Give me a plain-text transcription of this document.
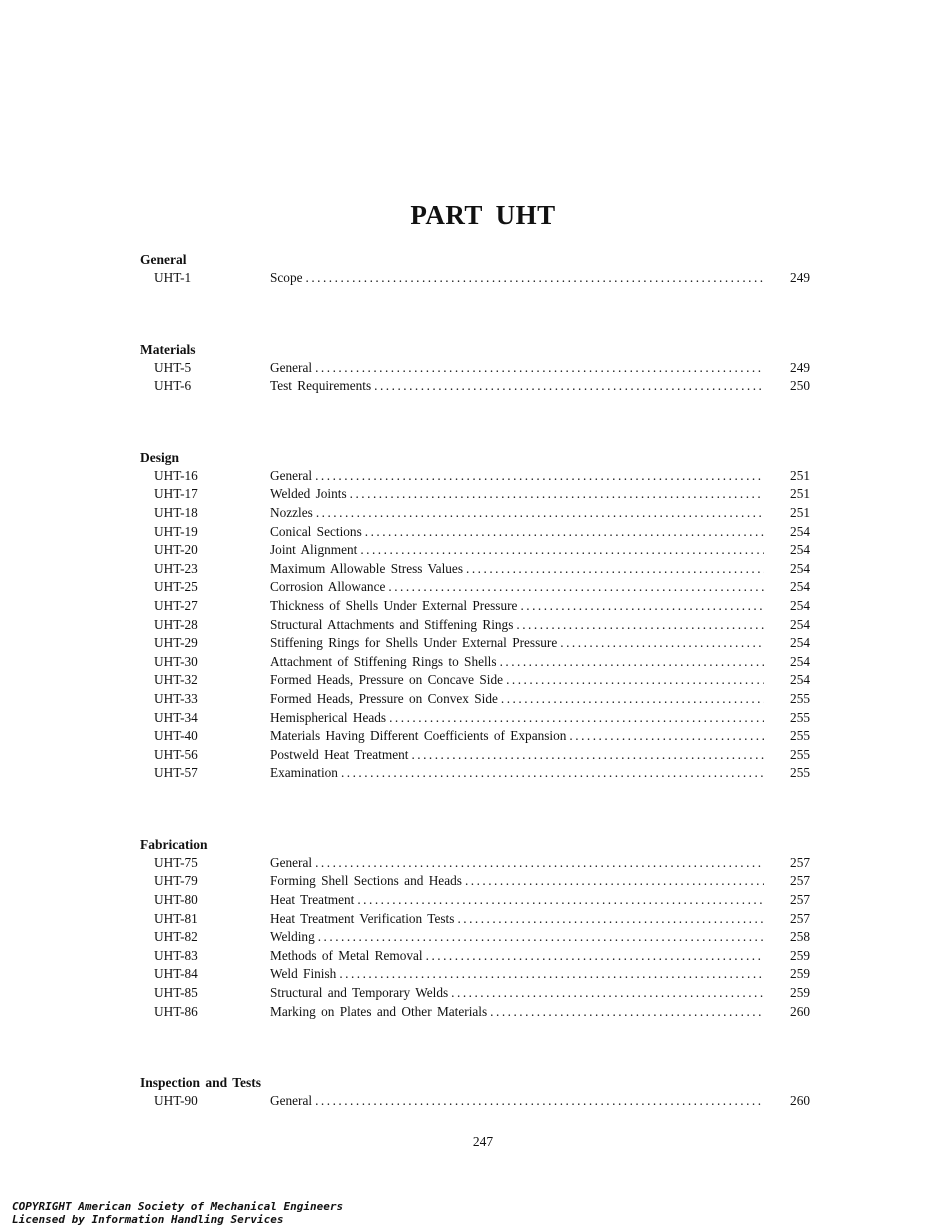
PART UHT
General
UHT-1	Scope .....	249
Materials
UHT-5	General .....	249
UHT-6	Test Requirements .....	250
Design
UHT-16	General .....	251
UHT-17	Welded Joints .....	251
UHT-18	Nozzles .....	251
UHT-19	Conical Sections .....	254
UHT-20	Joint Alignment .....	254
UHT-23	Maximum Allowable Stress Values .....	254
UHT-25	Corrosion Allowance .....	254
UHT-27	Thickness of Shells Under External Pressure .....	254
UHT-28	Structural Attachments and Stiffening Rings .....	254
UHT-29	Stiffening Rings for Shells Under External Pressure .....	254
UHT-30	Attachment of Stiffening Rings to Shells .....	254
UHT-32	Formed Heads, Pressure on Concave Side .....	254
UHT-33	Formed Heads, Pressure on Convex Side .....	255
UHT-34	Hemispherical Heads .....	255
UHT-40	Materials Having Different Coefficients of Expansion .....	255
UHT-56	Postweld Heat Treatment .....	255
UHT-57	Examination .....	255
Fabrication
UHT-75	General .....	257
UHT-79	Forming Shell Sections and Heads .....	257
UHT-80	Heat Treatment .....	257
UHT-81	Heat Treatment Verification Tests .....	257
UHT-82	Welding .....	258
UHT-83	Methods of Metal Removal .....	259
UHT-84	Weld Finish .....	259
UHT-85	Structural and Temporary Welds .....	259
UHT-86	Marking on Plates and Other Materials .....	260
Inspection and Tests
UHT-90	General .....	260
247
COPYRIGHT American Society of Mechanical Engineers
Licensed by Information Handling Services
